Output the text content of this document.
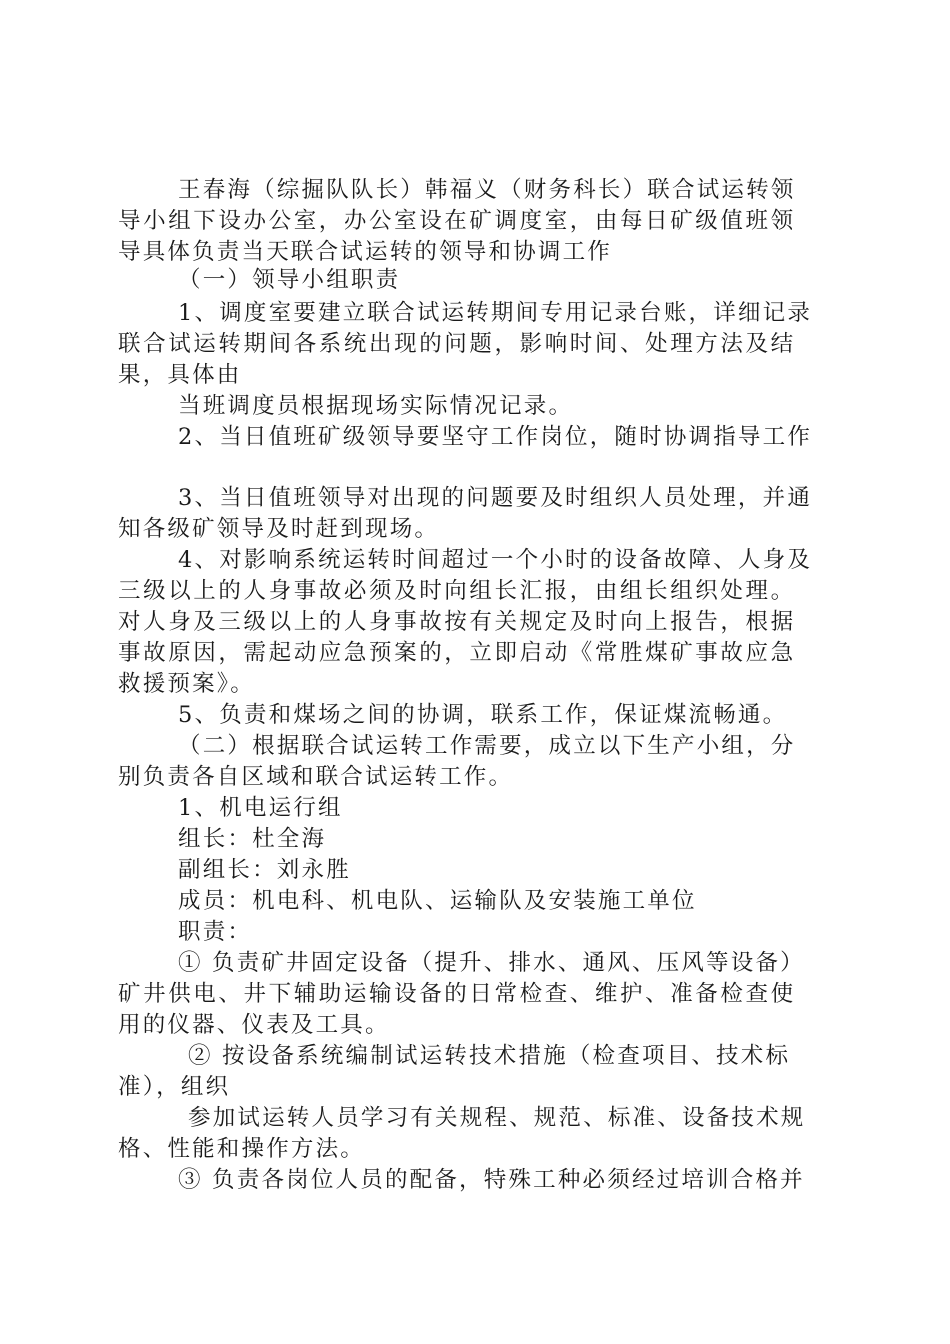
王春海（综掘队队长）韩福义（财务科长）联合试运转领
导小组下设办公室，办公室设在矿调度室，由每日矿级值班领
导具体负责当天联合试运转的领导和协调工作
（一）领导小组职责
1、调度室要建立联合试运转期间专用记录台账，详细记录
联合试运转期间各系统出现的问题，影响时间、处理方法及结
果，具体由
当班调度员根据现场实际情况记录。
2、当日值班矿级领导要坚守工作岗位，随时协调指导工作
3、当日值班领导对出现的问题要及时组织人员处理，并通
知各级矿领导及时赶到现场。
4、对影响系统运转时间超过一个小时的设备故障、人身及
三级以上的人身事故必须及时向组长汇报，由组长组织处理。
对人身及三级以上的人身事故按有关规定及时向上报告，根据
事故原因，需起动应急预案的，立即启动《常胜煤矿事故应急
救援预案》。
5、负责和煤场之间的协调，联系工作，保证煤流畅通。
（二）根据联合试运转工作需要，成立以下生产小组，分
别负责各自区域和联合试运转工作。
1、机电运行组
组长：杜全海
副组长：刘永胜
成员：机电科、机电队、运输队及安装施工单位
职责：
① 负责矿井固定设备（提升、排水、通风、压风等设备）
矿井供电、井下辅助运输设备的日常检查、维护、准备检查使
用的仪器、仪表及工具。
② 按设备系统编制试运转技术措施（检查项目、技术标
准），组织
参加试运转人员学习有关规程、规范、标准、设备技术规
格、性能和操作方法。
③ 负责各岗位人员的配备，特殊工种必须经过培训合格并
